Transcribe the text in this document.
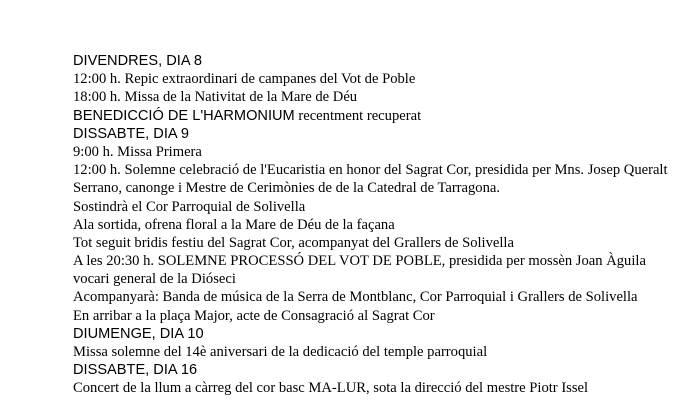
DIVENDRES, DIA 8
12:00 h. Repic extraordinari de campanes del Vot de Poble
18:00 h. Missa de la Nativitat de la Mare de Déu
BENEDICCIÓ DE L'HARMONIUM recentment recuperat
DISSABTE, DIA 9
9:00 h. Missa Primera
12:00 h. Solemne celebració de l'Eucaristia en honor del Sagrat Cor, presidida per Mns. Josep Queralt
Serrano, canonge i Mestre de Cerimònies de de la Catedral de Tarragona.
Sostindrà el Cor Parroquial de Solivella
Ala sortida, ofrena floral a la Mare de Déu de la façana
Tot seguit bridis festiu del Sagrat Cor, acompanyat del Grallers de Solivella
A les 20:30 h. SOLEMNE PROCESSÓ DEL VOT DE POBLE, presidida per mossèn Joan Àguila
vocari general de la Dióseci
Acompanyarà: Banda de música de la Serra de Montblanc, Cor Parroquial i Grallers de Solivella
En arribar a la plaça Major, acte de Consagració al Sagrat Cor
DIUMENGE, DIA 10
Missa solemne del 14è aniversari de la dedicació del temple parroquial
DISSABTE, DIA 16
Concert de la llum a càrreg del cor basc MA-LUR, sota la direcció del mestre Piotr Issel
